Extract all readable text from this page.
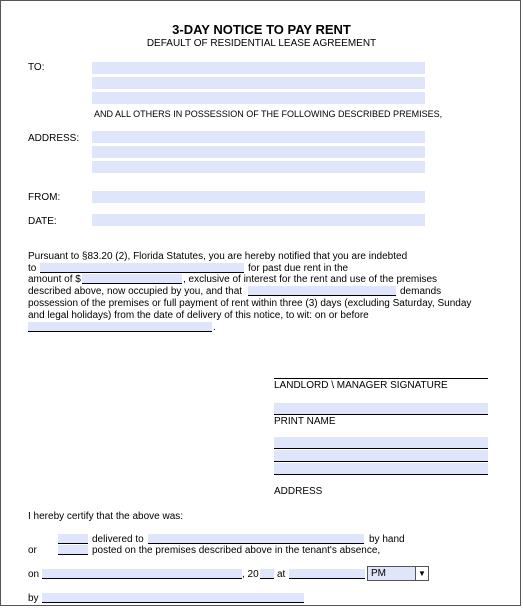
3-DAY NOTICE TO PAY RENT
DEFAULT OF RESIDENTIAL LEASE AGREEMENT
TO:
AND ALL OTHERS IN POSSESSION OF THE FOLLOWING DESCRIBED PREMISES,
ADDRESS:
FROM:
DATE:
Pursuant to §83.20 (2), Florida Statutes, you are hereby notified that you are indebted
to	for past due rent in the
amount of $	, exclusive of interest for the rent and use of the premises
described above, now occupied by you, and that	demands
possession of the premises or full payment of rent within three (3) days (excluding Saturday, Sunday
and legal holidays) from the date of delivery of this notice, to wit: on or before
.
LANDLORD \ MANAGER SIGNATURE
PRINT NAME
ADDRESS
I hereby certify that the above was:
delivered to	by hand
or	posted on the premises described above in the tenant's absence,
on	, 20 at	PM	▼
by
